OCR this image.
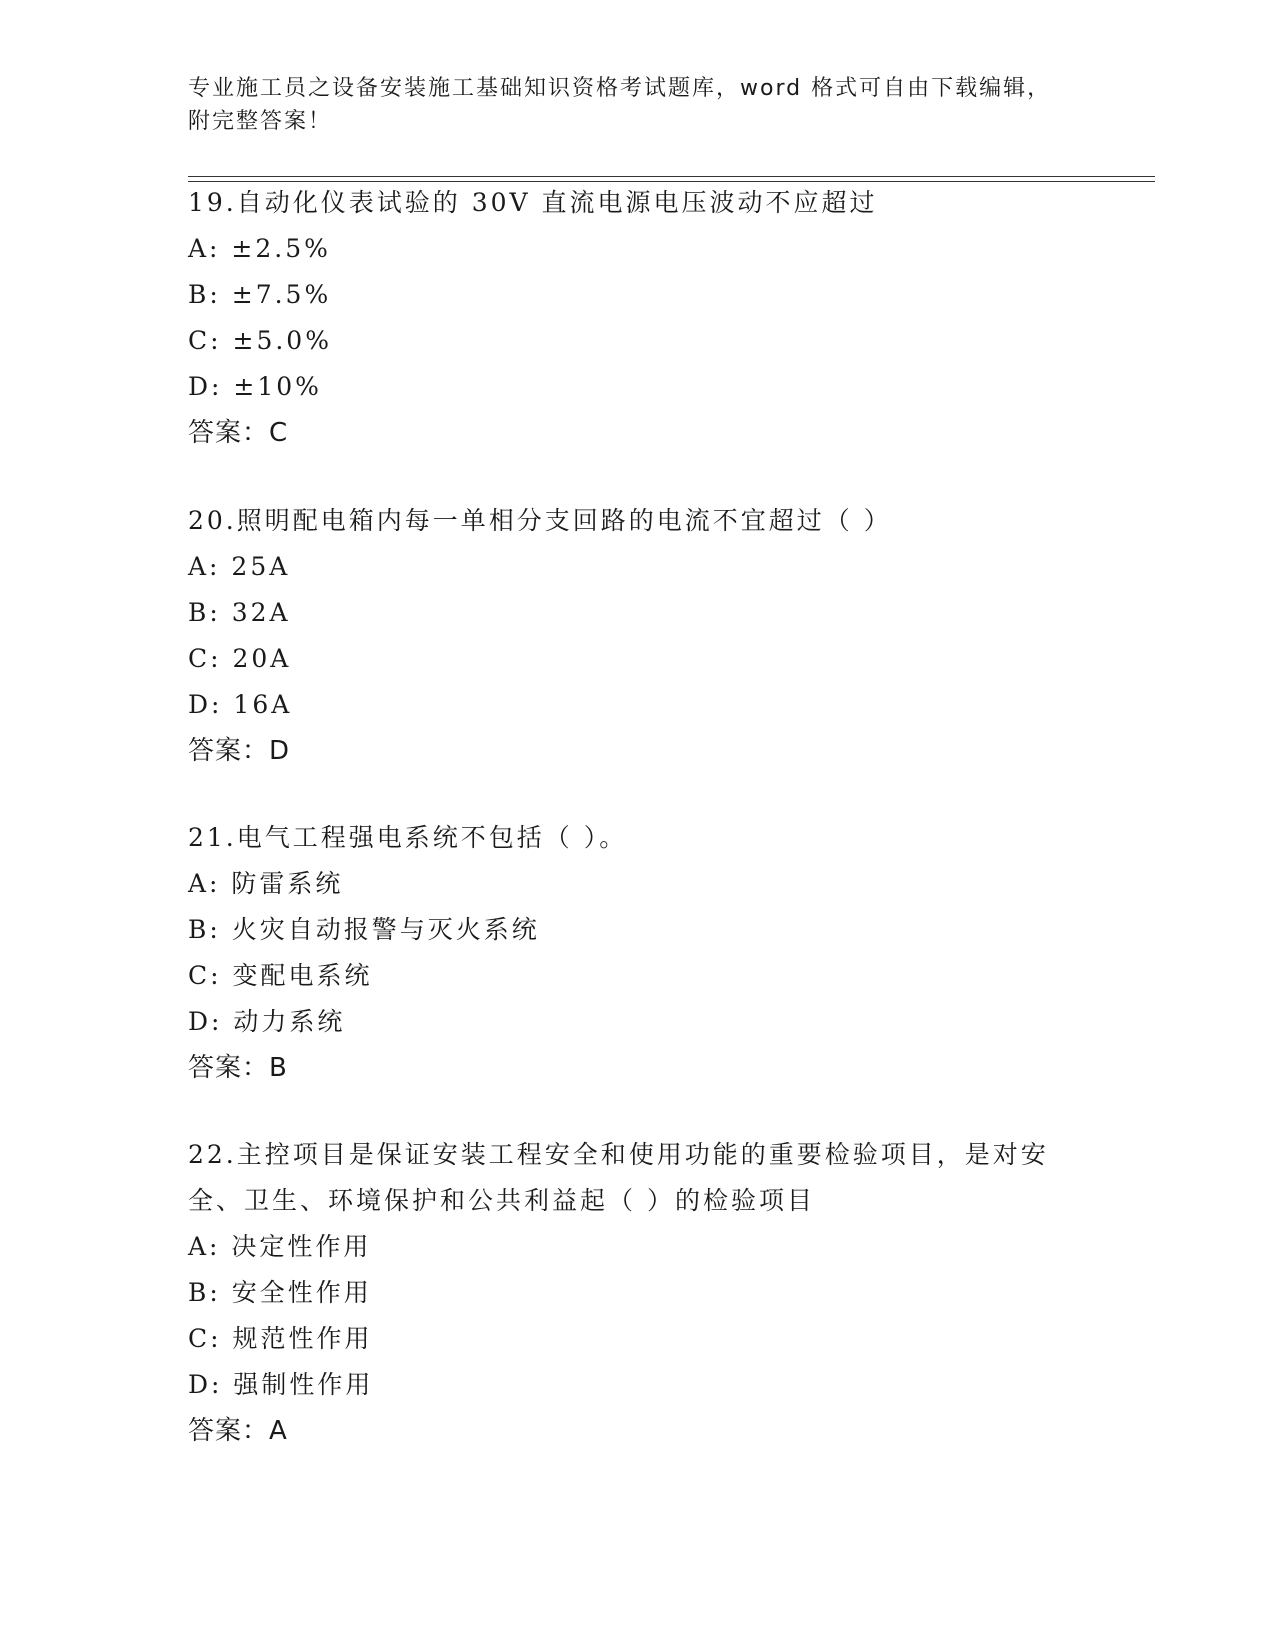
专业施工员之设备安装施工基础知识资格考试题库，word 格式可自由下载编辑，
附完整答案！

19.自动化仪表试验的 30V 直流电源电压波动不应超过

A: ±2.5%

B: ±7.5%

C: ±5.0%

D: ±10%

答案：C

20.照明配电箱内每一单相分支回路的电流不宜超过（ ）

A: 25A

B: 32A

C: 20A

D: 16A

答案：D

21.电气工程强电系统不包括（ ）。

A: 防雷系统

B: 火灾自动报警与灭火系统

C: 变配电系统

D: 动力系统

答案：B

22.主控项目是保证安装工程安全和使用功能的重要检验项目，是对安全、卫生、环境保护和公共利益起（ ）的检验项目

A: 决定性作用

B: 安全性作用

C: 规范性作用

D: 强制性作用

答案：A
